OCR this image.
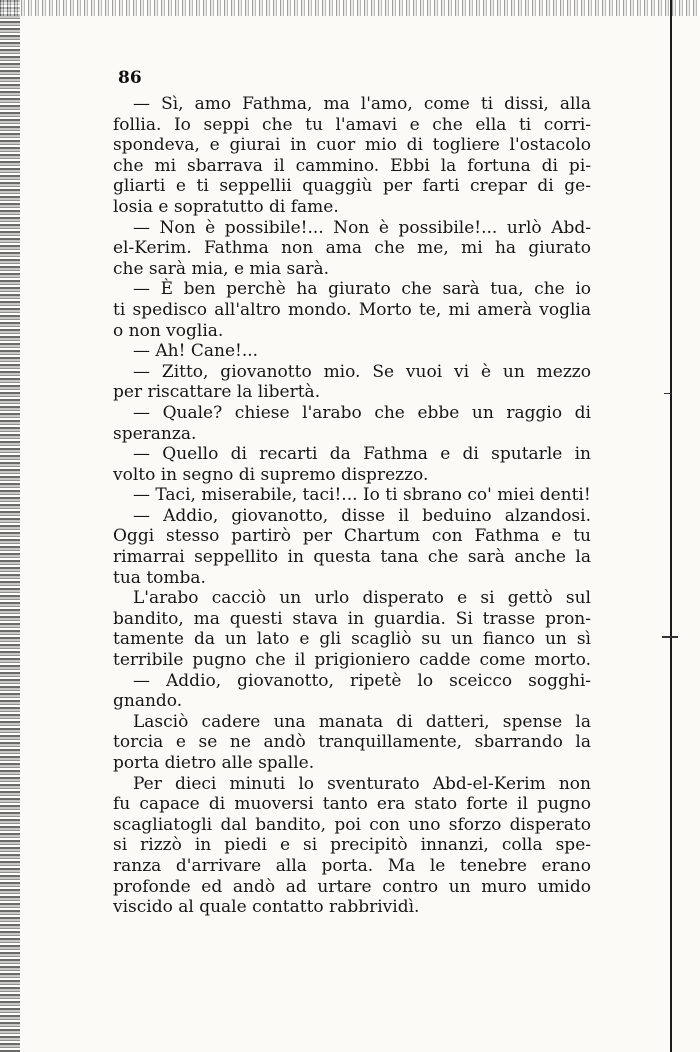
86
— Sì, amo Fathma, ma l'amo, come ti dissi, alla
follia. Io seppi che tu l'amavi e che ella ti corri-
spondeva, e giurai in cuor mio di togliere l'ostacolo
che mi sbarrava il cammino. Ebbi la fortuna di pi-
gliarti e ti seppellii quaggiù per farti crepar di ge-
losia e sopratutto di fame.
— Non è possibile!... Non è possibile!... urlò Abd-
el-Kerim. Fathma non ama che me, mi ha giurato
che sarà mia, e mia sarà.
— È ben perchè ha giurato che sarà tua, che io
ti spedisco all'altro mondo. Morto te, mi amerà voglia
o non voglia.
— Ah! Cane!...
— Zitto, giovanotto mio. Se vuoi vi è un mezzo
per riscattare la libertà.
— Quale? chiese l'arabo che ebbe un raggio di
speranza.
— Quello di recarti da Fathma e di sputarle in
volto in segno di supremo disprezzo.
— Taci, miserabile, taci!... Io ti sbrano co' miei denti!
— Addio, giovanotto, disse il beduino alzandosi.
Oggi stesso partirò per Chartum con Fathma e tu
rimarrai seppellito in questa tana che sarà anche la
tua tomba.
L'arabo cacciò un urlo disperato e si gettò sul
bandito, ma questi stava in guardia. Si trasse pron-
tamente da un lato e gli scagliò su un fianco un sì
terribile pugno che il prigioniero cadde come morto.
— Addio, giovanotto, ripetè lo sceicco sogghi-
gnando.
Lasciò cadere una manata di datteri, spense la
torcia e se ne andò tranquillamente, sbarrando la
porta dietro alle spalle.
Per dieci minuti lo sventurato Abd-el-Kerim non
fu capace di muoversi tanto era stato forte il pugno
scagliatogli dal bandito, poi con uno sforzo disperato
si rizzò in piedi e si precipitò innanzi, colla spe-
ranza d'arrivare alla porta. Ma le tenebre erano
profonde ed andò ad urtare contro un muro umido
viscido al quale contatto rabbrividì.
